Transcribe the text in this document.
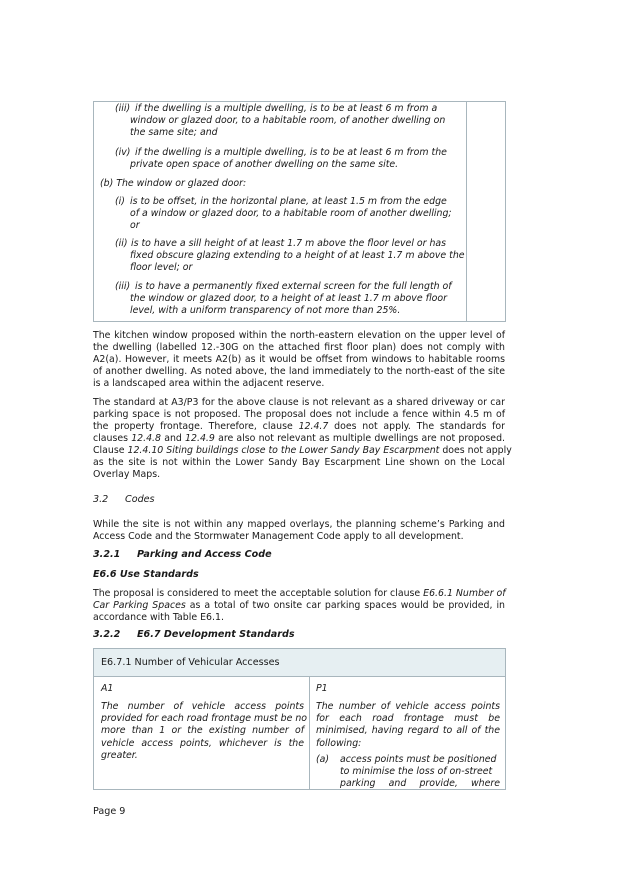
(iii) if the dwelling is a multiple dwelling, is to be at least 6 m from a

window or glazed door, to a habitable room, of another dwelling on

the same site; and

(iv) if the dwelling is a multiple dwelling, is to be at least 6 m from the

private open space of another dwelling on the same site.

(b) The window or glazed door:

(i) is to be offset, in the horizontal plane, at least 1.5 m from the edge

of a window or glazed door, to a habitable room of another dwelling;

or

(ii) is to have a sill height of at least 1.7 m above the floor level or has

fixed obscure glazing extending to a height of at least 1.7 m above the

floor level; or

(iii) is to have a permanently fixed external screen for the full length of

the window or glazed door, to a height of at least 1.7 m above floor

level, with a uniform transparency of not more than 25%.

The kitchen window proposed within the north-eastern elevation on the upper level of
the dwelling (labelled 12.-30G on the attached first floor plan) does not comply with
A2(a). However, it meets A2(b) as it would be offset from windows to habitable rooms
of another dwelling. As noted above, the land immediately to the north-east of the site
is a landscaped area within the adjacent reserve.
The standard at A3/P3 for the above clause is not relevant as a shared driveway or car
parking space is not proposed. The proposal does not include a fence within 4.5 m of
the property frontage. Therefore, clause 12.4.7 does not apply. The standards for
clauses 12.4.8 and 12.4.9 are also not relevant as multiple dwellings are not proposed.
Clause 12.4.10 Siting buildings close to the Lower Sandy Bay Escarpment does not apply
as the site is not within the Lower Sandy Bay Escarpment Line shown on the Local
Overlay Maps.

3.2 Codes

While the site is not within any mapped overlays, the planning scheme’s Parking and
Access Code and the Stormwater Management Code apply to all development.

3.2.1 Parking and Access Code

E6.6 Use Standards

The proposal is considered to meet the acceptable solution for clause E6.6.1 Number of
Car Parking Spaces as a total of two onsite car parking spaces would be provided, in
accordance with Table E6.1.

3.2.2 E6.7 Development Standards

E6.7.1 Number of Vehicular Accesses

A1

The number of vehicle access points
provided for each road frontage must be no
more than 1 or the existing number of
vehicle access points, whichever is the
greater.

P1

The number of vehicle access points
for each road frontage must be
minimised, having regard to all of the
following:

(a) access points must be positioned
to minimise the loss of on-street
parking and provide, where

Page 9
